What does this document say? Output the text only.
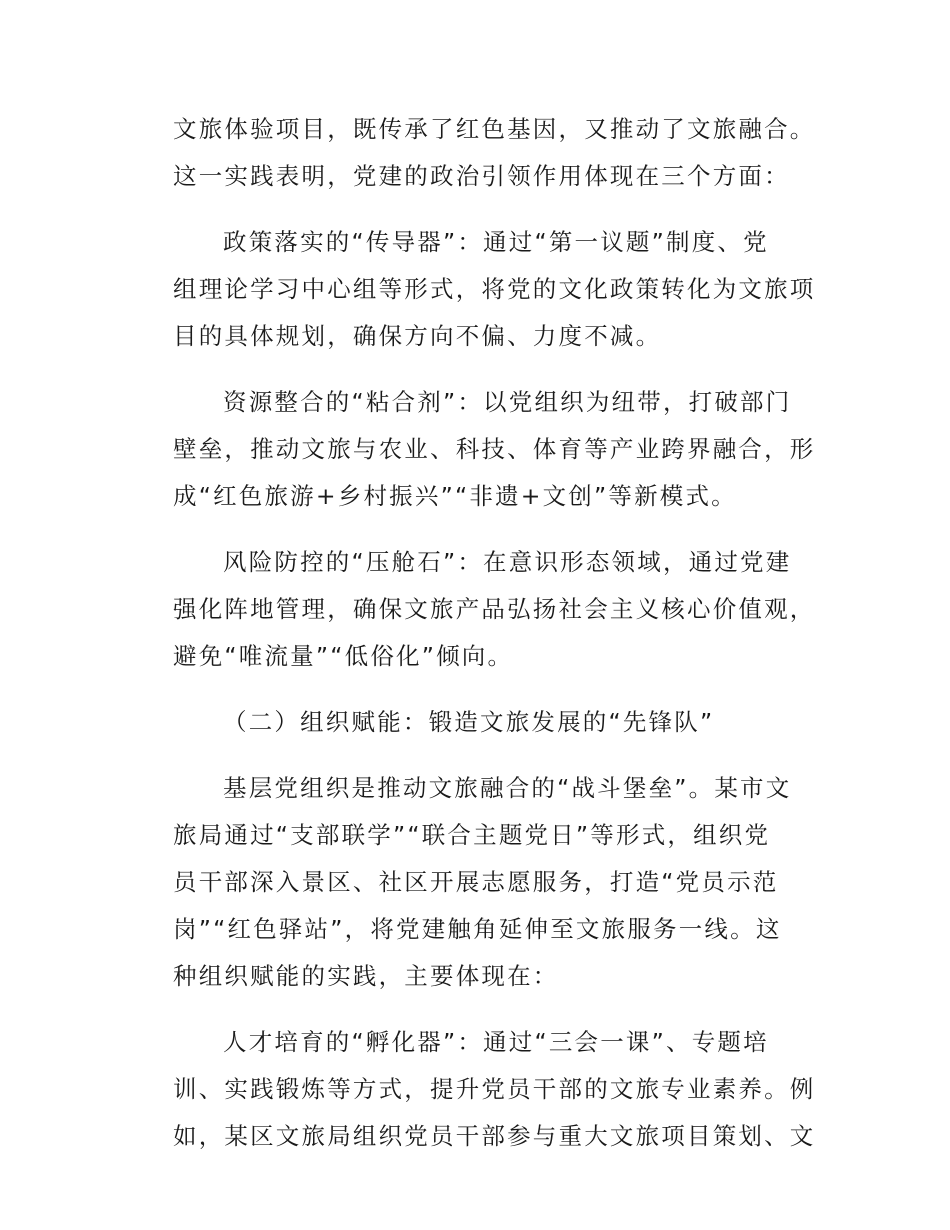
文旅体验项目，既传承了红色基因，又推动了文旅融合。
这一实践表明，党建的政治引领作用体现在三个方面：
政策落实的“传导器”：通过“第一议题”制度、党
组理论学习中心组等形式，将党的文化政策转化为文旅项
目的具体规划，确保方向不偏、力度不减。
资源整合的“粘合剂”：以党组织为纽带，打破部门
壁垒，推动文旅与农业、科技、体育等产业跨界融合，形
成“红色旅游+乡村振兴”“非遗+文创”等新模式。
风险防控的“压舱石”：在意识形态领域，通过党建
强化阵地管理，确保文旅产品弘扬社会主义核心价值观，
避免“唯流量”“低俗化”倾向。
（二）组织赋能：锻造文旅发展的“先锋队”
基层党组织是推动文旅融合的“战斗堡垒”。某市文
旅局通过“支部联学”“联合主题党日”等形式，组织党
员干部深入景区、社区开展志愿服务，打造“党员示范
岗”“红色驿站”，将党建触角延伸至文旅服务一线。这
种组织赋能的实践，主要体现在：
人才培育的“孵化器”：通过“三会一课”、专题培
训、实践锻炼等方式，提升党员干部的文旅专业素养。例
如，某区文旅局组织党员干部参与重大文旅项目策划、文
